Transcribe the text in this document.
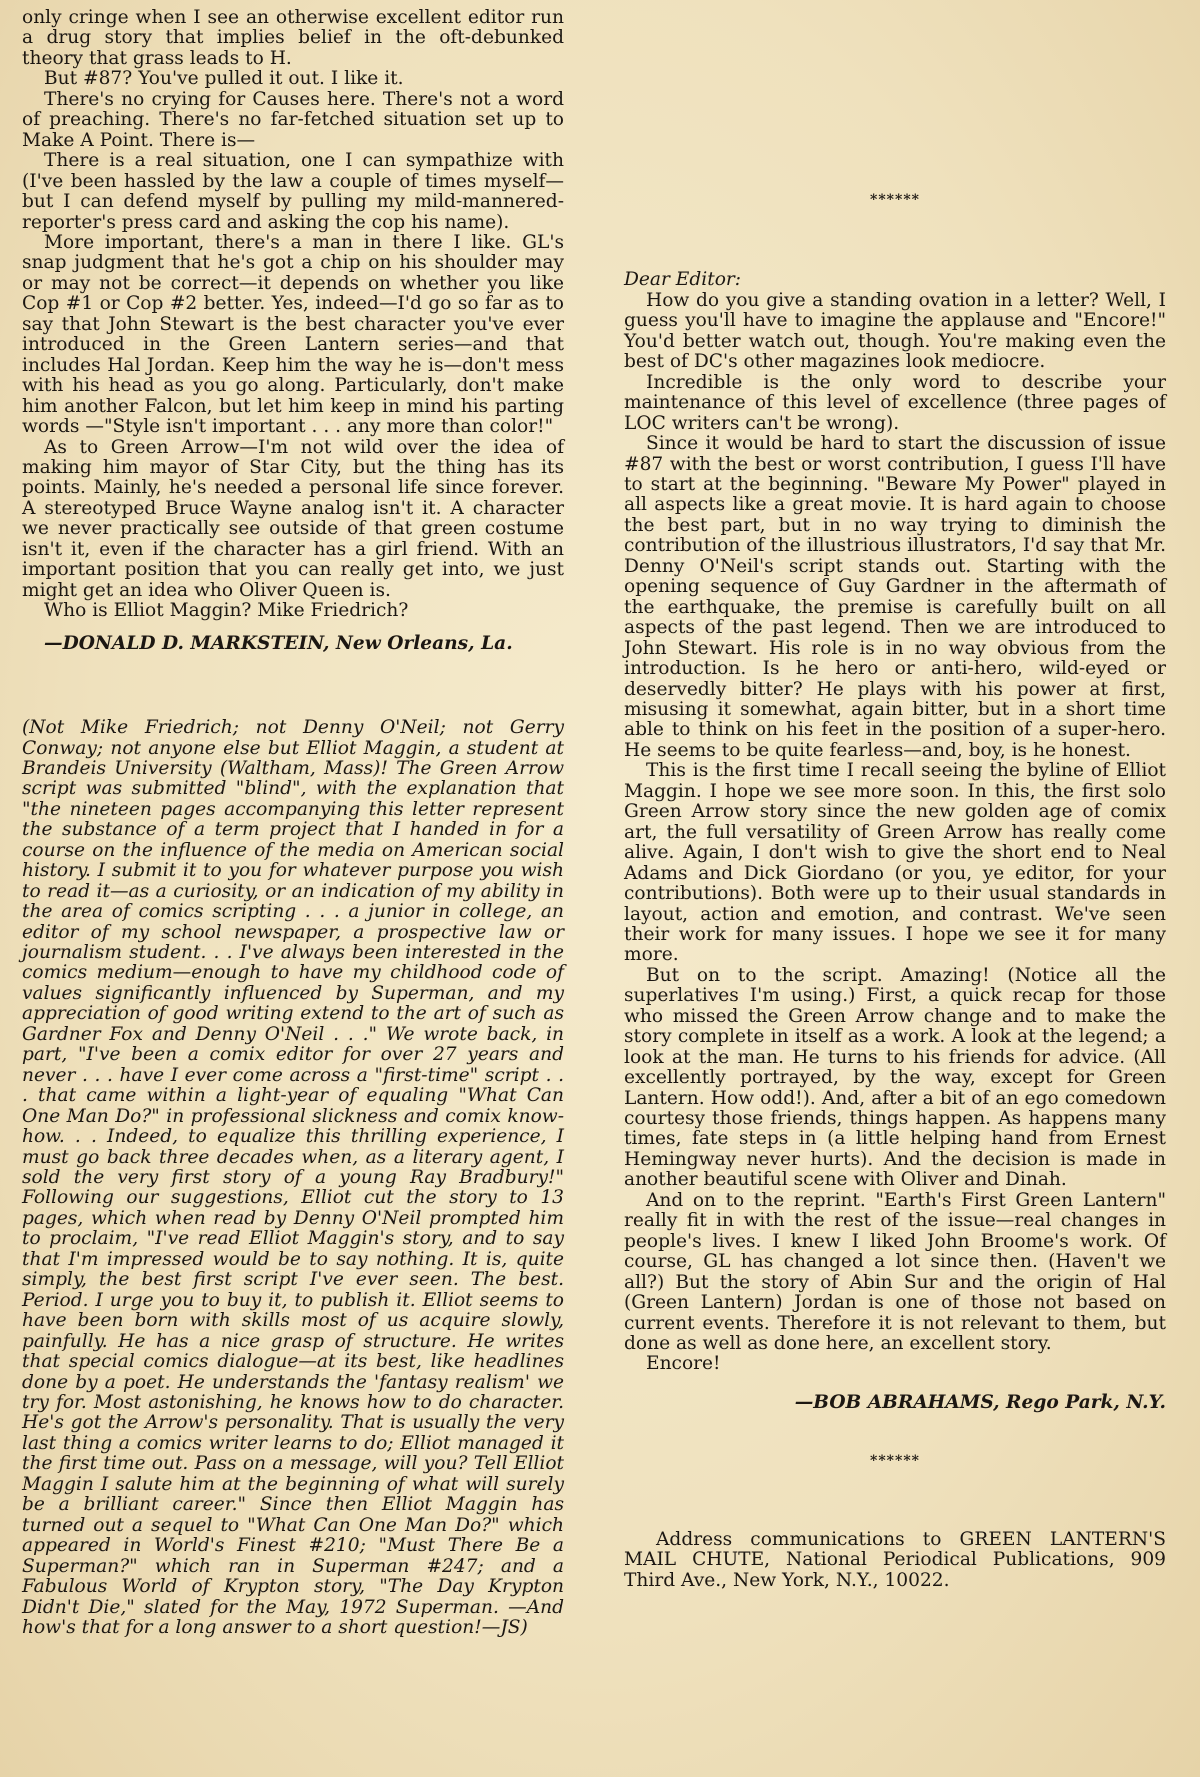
only cringe when I see an otherwise excellent editor run a drug story that implies belief in the oft-debunked theory that grass leads to H.

But #87? You've pulled it out. I like it.

There's no crying for Causes here. There's not a word of preaching. There's no far-fetched situation set up to Make A Point. There is—

There is a real situation, one I can sympathize with (I've been hassled by the law a couple of times myself—but I can defend myself by pulling my mild-mannered-reporter's press card and asking the cop his name).

More important, there's a man in there I like. GL's snap judgment that he's got a chip on his shoulder may or may not be correct—it depends on whether you like Cop #1 or Cop #2 better. Yes, indeed—I'd go so far as to say that John Stewart is the best character you've ever introduced in the Green Lantern series—and that includes Hal Jordan. Keep him the way he is—don't mess with his head as you go along. Particularly, don't make him another Falcon, but let him keep in mind his parting words —"Style isn't important . . . any more than color!"

As to Green Arrow—I'm not wild over the idea of making him mayor of Star City, but the thing has its points. Mainly, he's needed a personal life since forever. A stereotyped Bruce Wayne analog isn't it. A character we never practically see outside of that green costume isn't it, even if the character has a girl friend. With an important position that you can really get into, we just might get an idea who Oliver Queen is.

Who is Elliot Maggin? Mike Friedrich?

—DONALD D. MARKSTEIN, New Orleans, La.

(Not Mike Friedrich; not Denny O'Neil; not Gerry Conway; not anyone else but Elliot Maggin, a student at Brandeis University (Waltham, Mass)! The Green Arrow script was submitted "blind", with the explanation that "the nineteen pages accompanying this letter represent the substance of a term project that I handed in for a course on the influence of the media on American social history. I submit it to you for whatever purpose you wish to read it—as a curiosity, or an indication of my ability in the area of comics scripting . . . a junior in college, an editor of my school newspaper, a prospective law or journalism student. . . I've always been interested in the comics medium—enough to have my childhood code of values significantly influenced by Superman, and my appreciation of good writing extend to the art of such as Gardner Fox and Denny O'Neil . . ." We wrote back, in part, "I've been a comix editor for over 27 years and never . . . have I ever come across a "first-time" script . . . that came within a light-year of equaling "What Can One Man Do?" in professional slickness and comix know-how. . . Indeed, to equalize this thrilling experience, I must go back three decades when, as a literary agent, I sold the very first story of a young Ray Bradbury!" Following our suggestions, Elliot cut the story to 13 pages, which when read by Denny O'Neil prompted him to proclaim, "I've read Elliot Maggin's story, and to say that I'm impressed would be to say nothing. It is, quite simply, the best first script I've ever seen. The best. Period. I urge you to buy it, to publish it. Elliot seems to have been born with skills most of us acquire slowly, painfully. He has a nice grasp of structure. He writes that special comics dialogue—at its best, like headlines done by a poet. He understands the 'fantasy realism' we try for. Most astonishing, he knows how to do character. He's got the Arrow's personality. That is usually the very last thing a comics writer learns to do; Elliot managed it the first time out. Pass on a message, will you? Tell Elliot Maggin I salute him at the beginning of what will surely be a brilliant career." Since then Elliot Maggin has turned out a sequel to "What Can One Man Do?" which appeared in World's Finest #210; "Must There Be a Superman?" which ran in Superman #247; and a Fabulous World of Krypton story, "The Day Krypton Didn't Die," slated for the May, 1972 Superman. —And how's that for a long answer to a short question!—JS)

******

Dear Editor:

How do you give a standing ovation in a letter? Well, I guess you'll have to imagine the applause and "Encore!" You'd better watch out, though. You're making even the best of DC's other magazines look mediocre.

Incredible is the only word to describe your maintenance of this level of excellence (three pages of LOC writers can't be wrong).

Since it would be hard to start the discussion of issue #87 with the best or worst contribution, I guess I'll have to start at the beginning. "Beware My Power" played in all aspects like a great movie. It is hard again to choose the best part, but in no way trying to diminish the contribution of the illustrious illustrators, I'd say that Mr. Denny O'Neil's script stands out. Starting with the opening sequence of Guy Gardner in the aftermath of the earthquake, the premise is carefully built on all aspects of the past legend. Then we are introduced to John Stewart. His role is in no way obvious from the introduction. Is he hero or anti-hero, wild-eyed or deservedly bitter? He plays with his power at first, misusing it somewhat, again bitter, but in a short time able to think on his feet in the position of a super-hero. He seems to be quite fearless—and, boy, is he honest.

This is the first time I recall seeing the byline of Elliot Maggin. I hope we see more soon. In this, the first solo Green Arrow story since the new golden age of comix art, the full versatility of Green Arrow has really come alive. Again, I don't wish to give the short end to Neal Adams and Dick Giordano (or you, ye editor, for your contributions). Both were up to their usual standards in layout, action and emotion, and contrast. We've seen their work for many issues. I hope we see it for many more.

But on to the script. Amazing! (Notice all the superlatives I'm using.) First, a quick recap for those who missed the Green Arrow change and to make the story complete in itself as a work. A look at the legend; a look at the man. He turns to his friends for advice. (All excellently portrayed, by the way, except for Green Lantern. How odd!). And, after a bit of an ego comedown courtesy those friends, things happen. As happens many times, fate steps in (a little helping hand from Ernest Hemingway never hurts). And the decision is made in another beautiful scene with Oliver and Dinah.

And on to the reprint. "Earth's First Green Lantern" really fit in with the rest of the issue—real changes in people's lives. I knew I liked John Broome's work. Of course, GL has changed a lot since then. (Haven't we all?) But the story of Abin Sur and the origin of Hal (Green Lantern) Jordan is one of those not based on current events. Therefore it is not relevant to them, but done as well as done here, an excellent story.

Encore!

—BOB ABRAHAMS, Rego Park, N.Y.

******

Address communications to GREEN LANTERN'S MAIL CHUTE, National Periodical Publications, 909 Third Ave., New York, N.Y., 10022.
